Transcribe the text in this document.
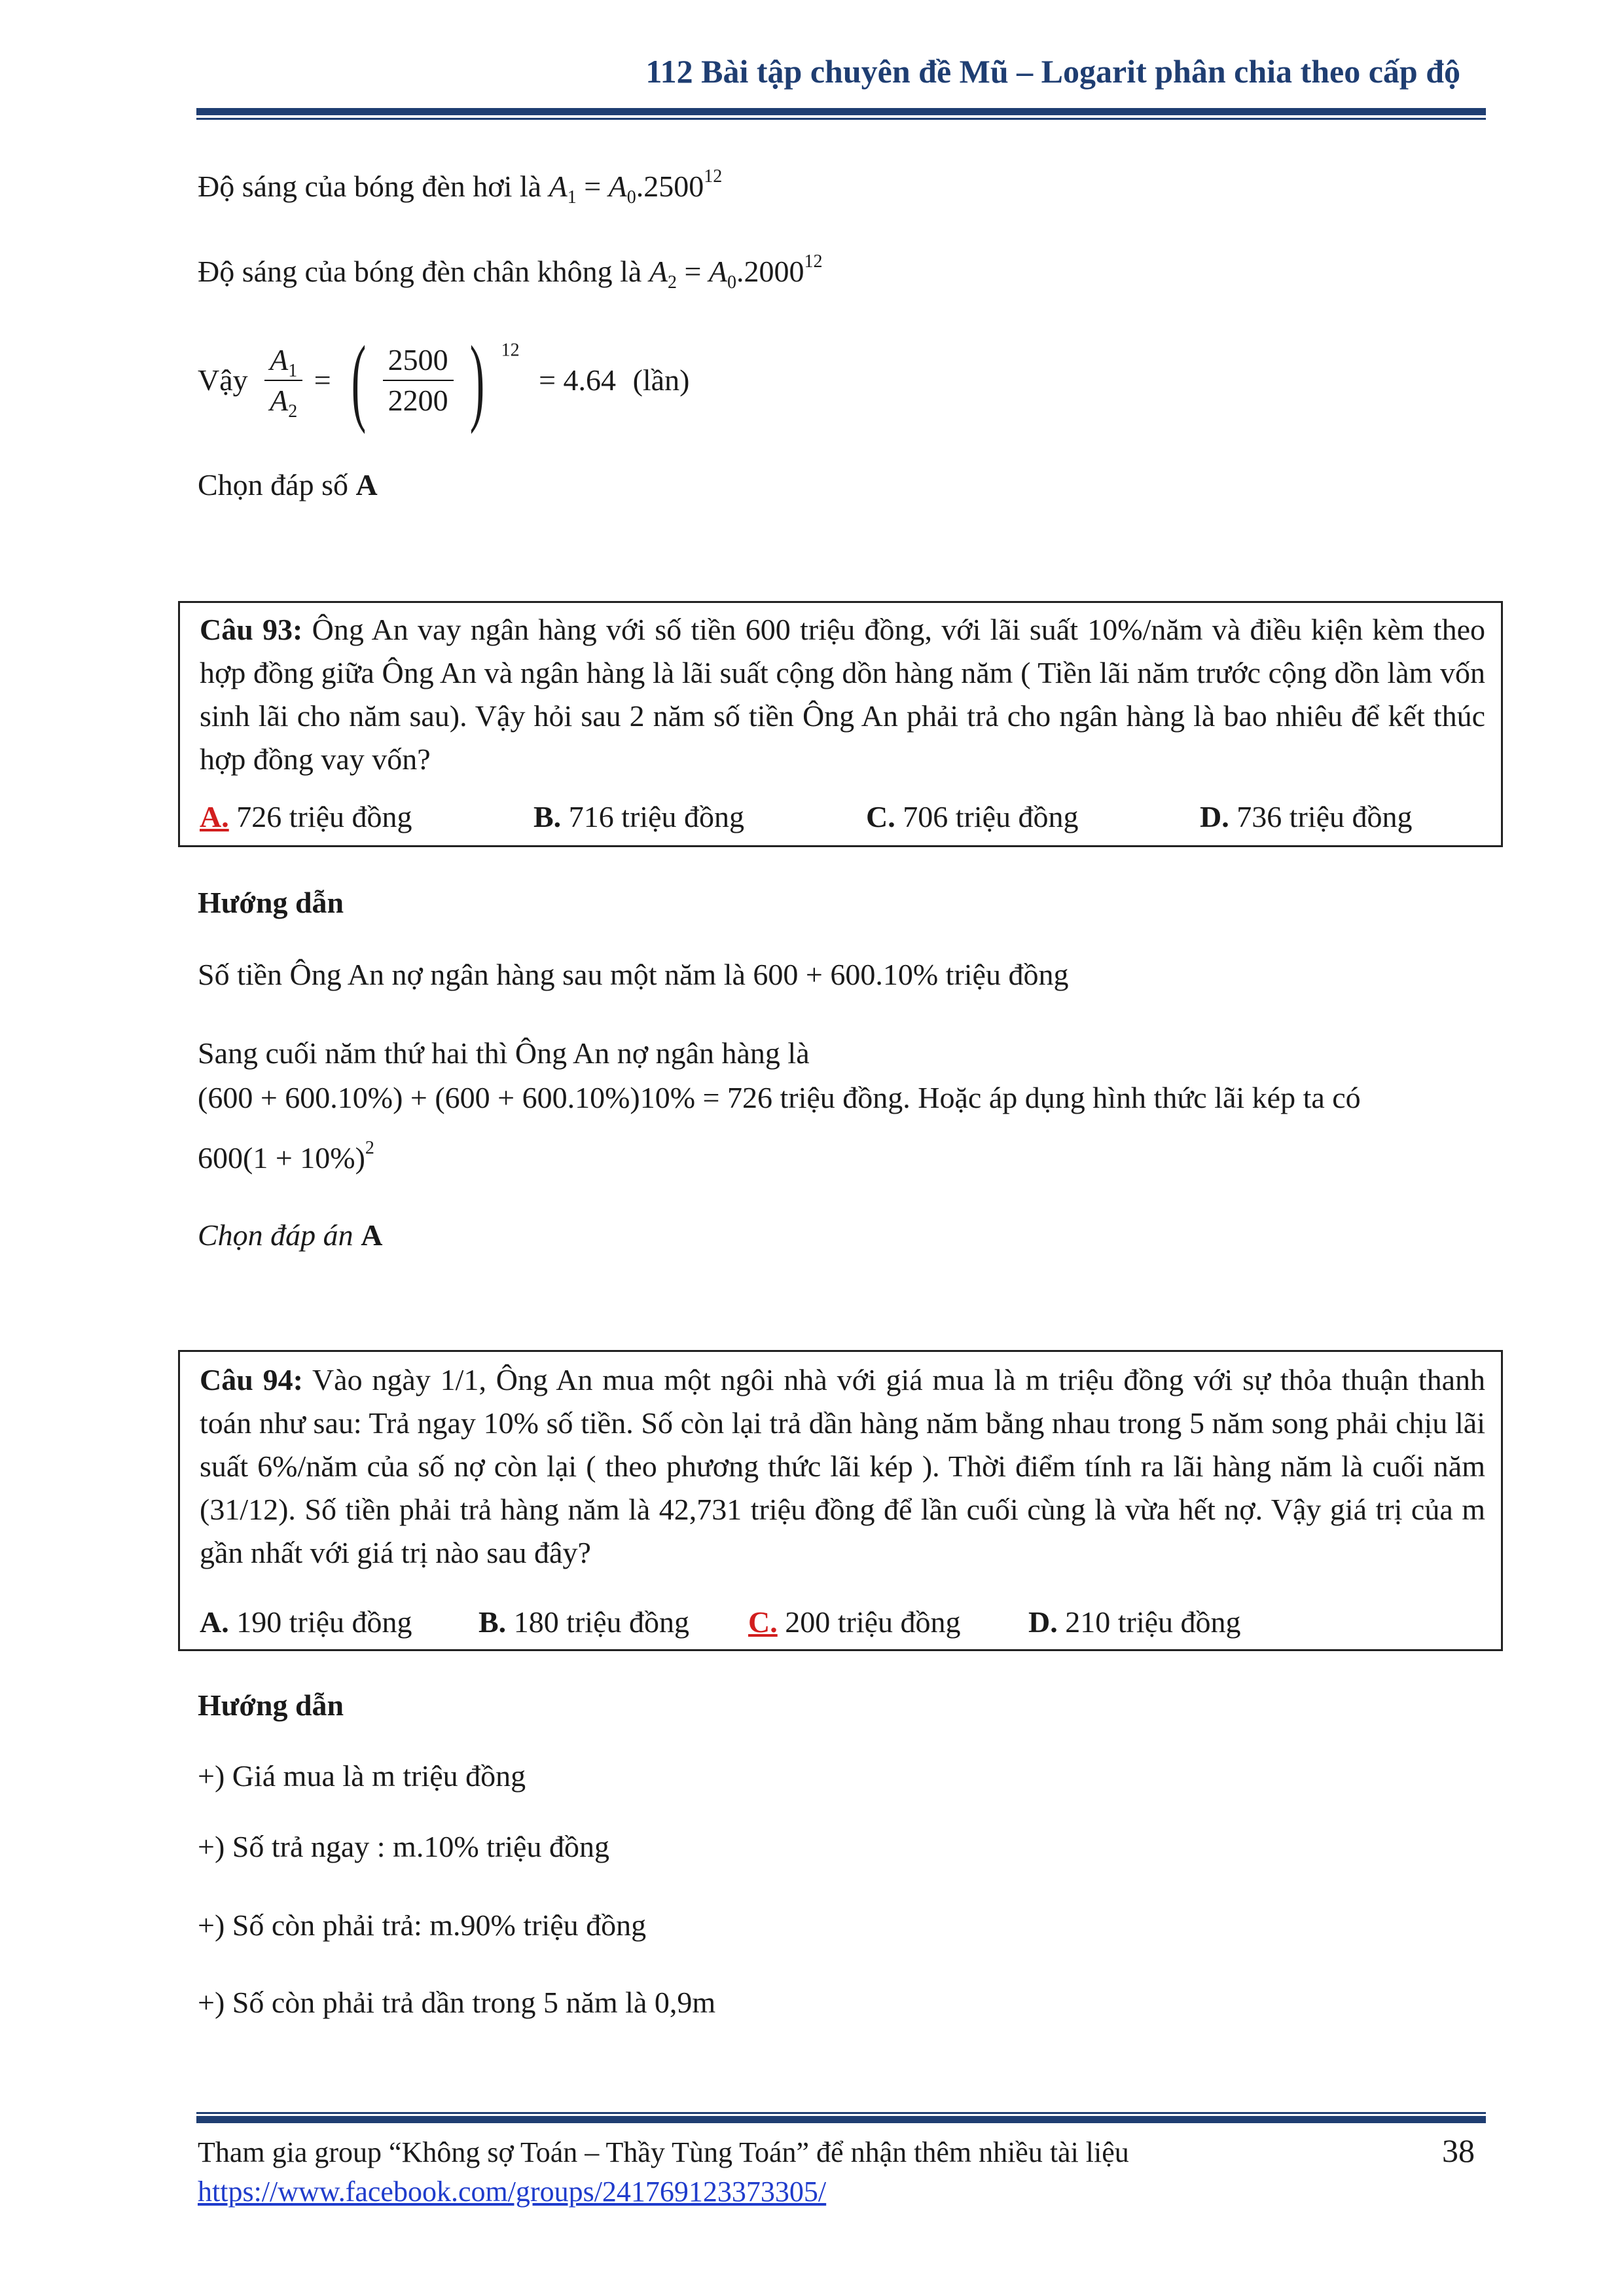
112 Bài tập chuyên đề Mũ – Logarit phân chia theo cấp độ
Độ sáng của bóng đèn hơi là $A_1 = A_0.2500^{12}$
Độ sáng của bóng đèn chân không là $A_2 = A_0.2000^{12}$
Vậy $\frac{A_1}{A_2}$ = ( $\frac{2500}{2200}$ ) $^{12}$ = 4.64 (lần)
Chọn đáp số A
Câu 93: Ông An vay ngân hàng với số tiền 600 triệu đồng, với lãi suất 10%/năm và điều kiện kèm theo hợp đồng giữa Ông An và ngân hàng là lãi suất cộng dồn hàng năm ( Tiền lãi năm trước cộng dồn làm vốn sinh lãi cho năm sau). Vậy hỏi sau 2 năm số tiền Ông An phải trả cho ngân hàng là bao nhiêu để kết thúc hợp đồng vay vốn?
A. 726 triệu đồng	B. 716 triệu đồng	C. 706 triệu đồng	D. 736 triệu đồng
Hướng dẫn
Số tiền Ông An nợ ngân hàng sau một năm là 600 + 600.10% triệu đồng
Sang cuối năm thứ hai thì Ông An nợ ngân hàng là
(600 + 600.10%) + (600 + 600.10%)10% = 726 triệu đồng. Hoặc áp dụng hình thức lãi kép ta có
$600(1 + 10\%)^2$
Chọn đáp án A
Câu 94: Vào ngày 1/1, Ông An mua một ngôi nhà với giá mua là m triệu đồng với sự thỏa thuận thanh toán như sau: Trả ngay 10% số tiền. Số còn lại trả dần hàng năm bằng nhau trong 5 năm song phải chịu lãi suất 6%/năm của số nợ còn lại ( theo phương thức lãi kép ). Thời điểm tính ra lãi hàng năm là cuối năm (31/12). Số tiền phải trả hàng năm là 42,731 triệu đồng để lần cuối cùng là vừa hết nợ. Vậy giá trị của m gần nhất với giá trị nào sau đây?
A. 190 triệu đồng B. 180 triệu đồng C. 200 triệu đồng D. 210 triệu đồng
Hướng dẫn
+) Giá mua là m triệu đồng
+) Số trả ngay : m.10% triệu đồng
+) Số còn phải trả: m.90% triệu đồng
+) Số còn phải trả dần trong 5 năm là 0,9m
Tham gia group “Không sợ Toán – Thầy Tùng Toán” để nhận thêm nhiều tài liệu
https://www.facebook.com/groups/241769123373305/
38
